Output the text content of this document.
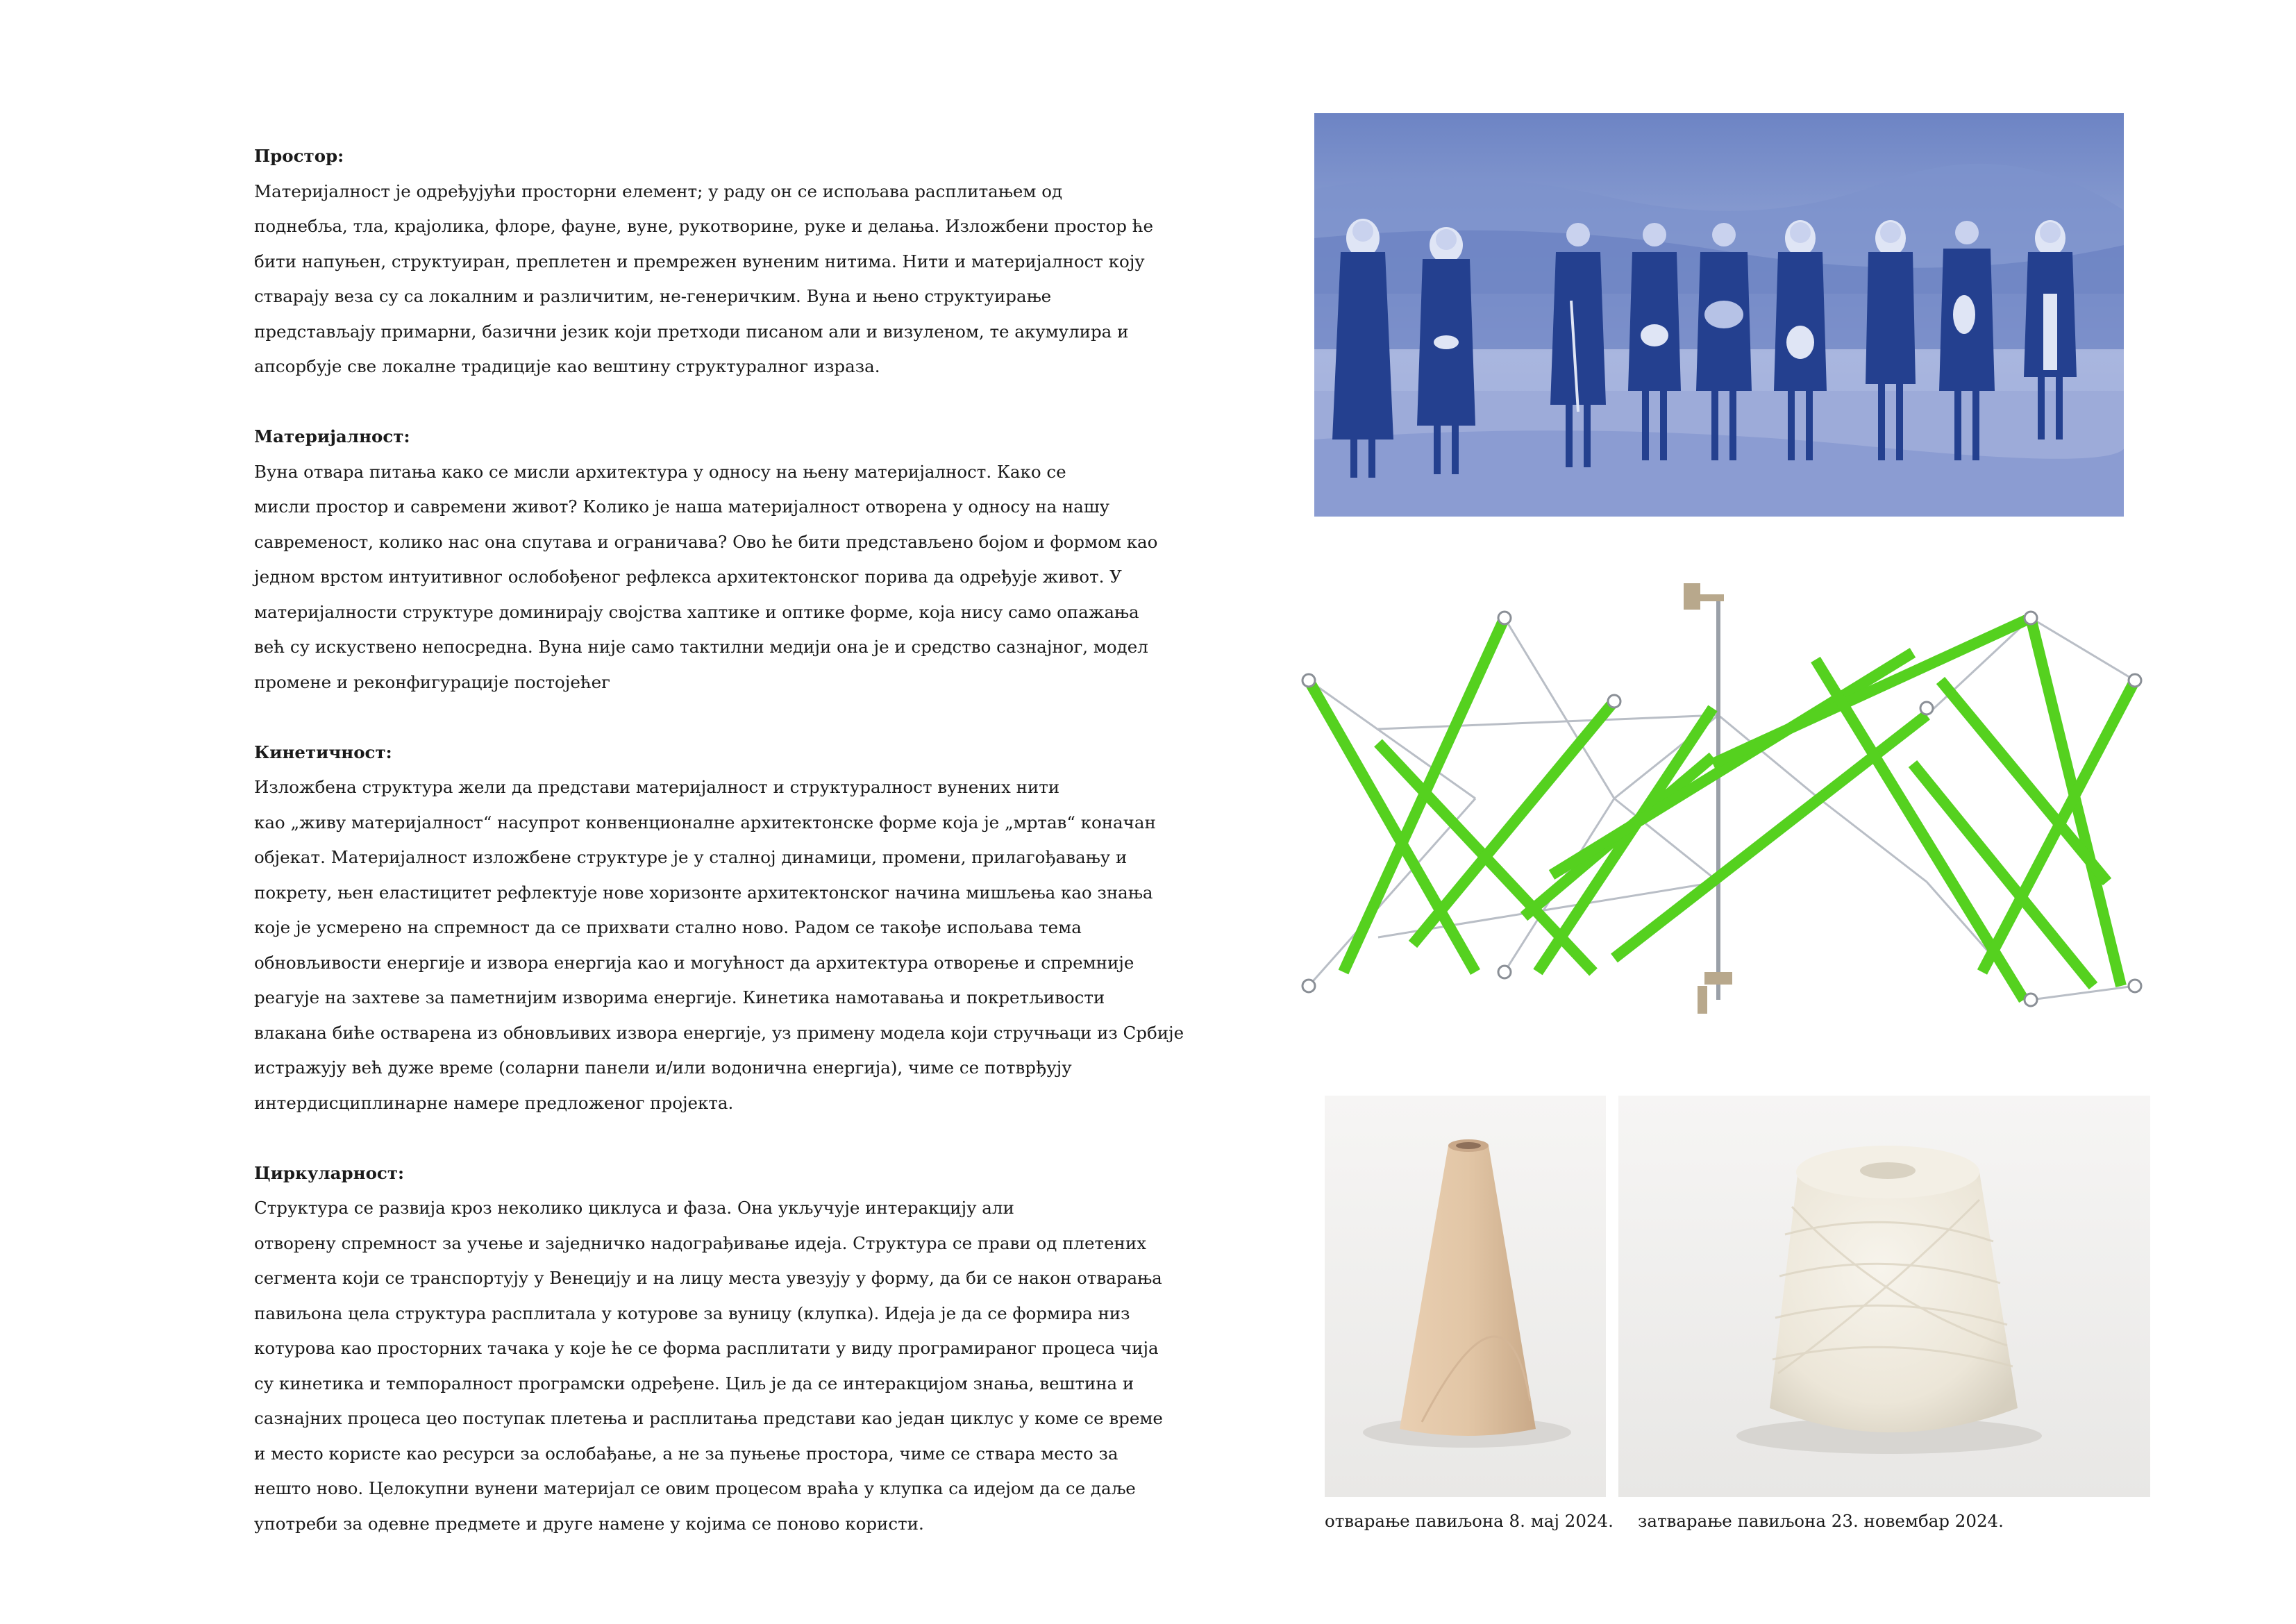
Простор:
Материјалност је одређујући просторни елемент; у раду он се испољава расплитањем од
поднебља, тла, крајолика, флоре, фауне, вуне, рукотворине, руке и делања. Изложбени простор ће
бити напуњен, структуиран, преплетен и премрежен вуненим нитима. Нити и материјалност коју
стварају веза су са локалним и различитим, не-генеричким. Вуна и њено структуирање
представљају примарни, базични језик који претходи писаном али и визуленом, те акумулира и
апсорбује све локалне традиције као вештину структуралног израза.
Материјалност:
Вуна отвара питања како се мисли архитектура у односу на њену материјалност. Како се
мисли простор и савремени живот? Колико је наша материјалност отворена у односу на нашу
савременост, колико нас она спутава и ограничава? Ово ће бити представљено бојом и формом као
једном врстом интуитивног ослобођеног рефлекса архитектонског порива да одређује живот. У
материјалности структуре доминирају својства хаптике и оптике форме, која нису само опажања
већ су искуствено непосредна. Вуна није само тактилни медији она је и средство сазнајног, модел
промене и реконфигурације постојећег
Кинетичност:
Изложбена структура жели да представи материјалност и структуралност вунених нити
као „живу материјалност“ насупрот конвенционалне архитектонске форме која је „мртав“ коначан
објекат. Материјалност изложбене структуре је у сталној динамици, промени, прилагођавању и
покрету, њен еластицитет рефлектује нове хоризонте архитектонског начина мишљења као знања
које је усмерено на спремност да се прихвати стално ново. Радом се такође испољава тема
обновљивости енергије и извора енергија као и могућност да архитектура отворење и спремније
реагује на захтеве за паметнијим изворима енергије. Кинетика намотавања и покретљивости
влакана биће остварена из обновљивих извора енергије, уз примену модела који стручњаци из Србије
истражују већ дуже време (соларни панели и/или водонична енергија), чиме се потврђују
интердисциплинарне намере предложеног пројекта.
Циркуларност:
Структура се развија кроз неколико циклуса и фаза. Она укључује интеракцију али
отворену спремност за учење и заједничко надограђивање идеја. Структура се прави од плетених
сегмента који се транспортују у Венецију и на лицу места увезују у форму, да би се након отварања
павиљона цела структура расплитала у котурове за вуницу (клупка). Идеја је да се формира низ
котурова као просторних тачака у које ће се форма расплитати у виду програмираног процеса чија
су кинетика и темпоралност програмски одређене. Циљ је да се интеракцијом знања, вештина и
сазнајних процеса цео поступак плетења и расплитања представи као један циклус у коме се време
и место користе као ресурси за ослобађање, а не за пуњење простора, чиме се ствара место за
нешто ново. Целокупни вунени материјал се овим процесом враћа у клупка са идејом да се даље
употреби за одевне предмете и друге намене у којима се поново користи.	отварање павиљона 8. мај 2024. затварање павиљона 23. новембар 2024.
